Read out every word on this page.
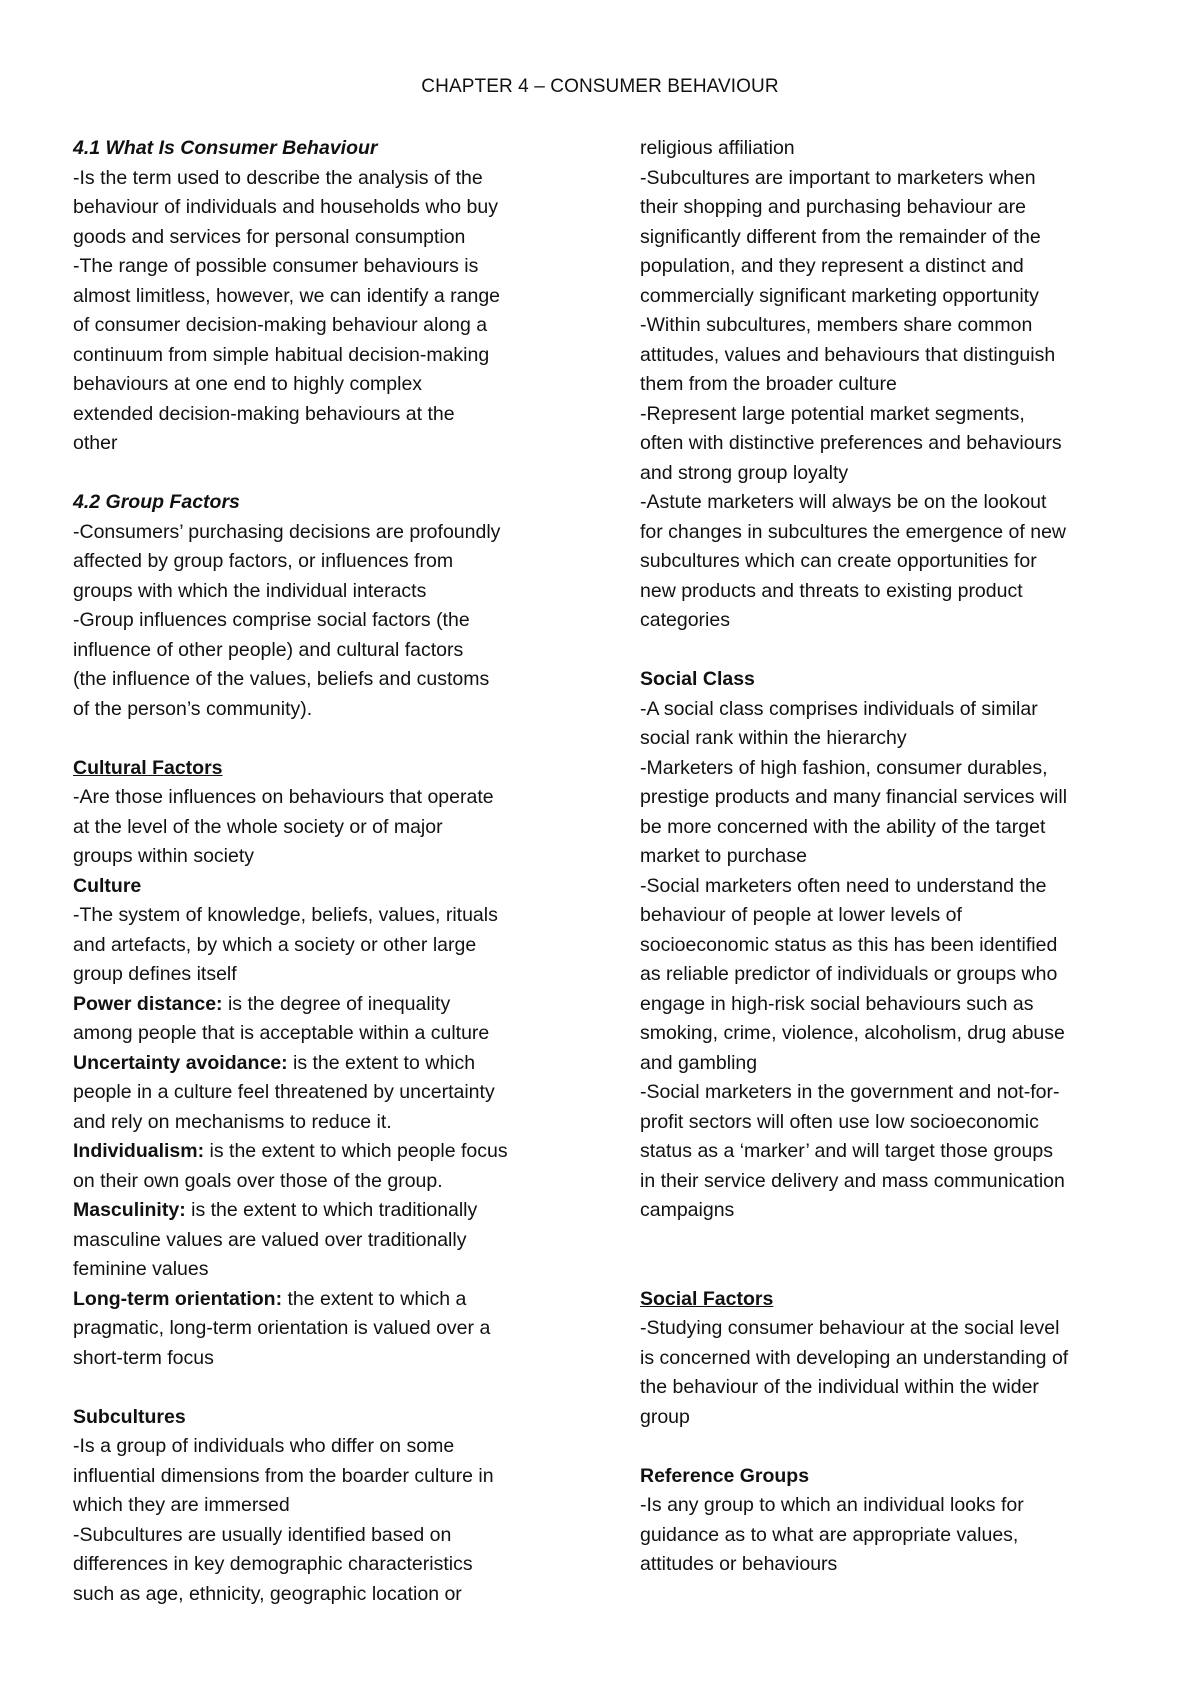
CHAPTER 4 – CONSUMER BEHAVIOUR
4.1 What Is Consumer Behaviour
-Is the term used to describe the analysis of the
behaviour of individuals and households who buy
goods and services for personal consumption
-The range of possible consumer behaviours is
almost limitless, however, we can identify a range
of consumer decision-making behaviour along a
continuum from simple habitual decision-making
behaviours at one end to highly complex
extended decision-making behaviours at the
other
4.2 Group Factors
-Consumers’ purchasing decisions are profoundly
affected by group factors, or influences from
groups with which the individual interacts
-Group influences comprise social factors (the
influence of other people) and cultural factors
(the influence of the values, beliefs and customs
of the person’s community).
Cultural Factors
-Are those influences on behaviours that operate
at the level of the whole society or of major
groups within society
Culture
-The system of knowledge, beliefs, values, rituals
and artefacts, by which a society or other large
group defines itself
Power distance: is the degree of inequality
among people that is acceptable within a culture
Uncertainty avoidance: is the extent to which
people in a culture feel threatened by uncertainty
and rely on mechanisms to reduce it.
Individualism: is the extent to which people focus
on their own goals over those of the group.
Masculinity: is the extent to which traditionally
masculine values are valued over traditionally
feminine values
Long-term orientation: the extent to which a
pragmatic, long-term orientation is valued over a
short-term focus
Subcultures
-Is a group of individuals who differ on some
influential dimensions from the boarder culture in
which they are immersed
-Subcultures are usually identified based on
differences in key demographic characteristics
such as age, ethnicity, geographic location or
religious affiliation
-Subcultures are important to marketers when
their shopping and purchasing behaviour are
significantly different from the remainder of the
population, and they represent a distinct and
commercially significant marketing opportunity
-Within subcultures, members share common
attitudes, values and behaviours that distinguish
them from the broader culture
-Represent large potential market segments,
often with distinctive preferences and behaviours
and strong group loyalty
-Astute marketers will always be on the lookout
for changes in subcultures the emergence of new
subcultures which can create opportunities for
new products and threats to existing product
categories
Social Class
-A social class comprises individuals of similar
social rank within the hierarchy
-Marketers of high fashion, consumer durables,
prestige products and many financial services will
be more concerned with the ability of the target
market to purchase
-Social marketers often need to understand the
behaviour of people at lower levels of
socioeconomic status as this has been identified
as reliable predictor of individuals or groups who
engage in high-risk social behaviours such as
smoking, crime, violence, alcoholism, drug abuse
and gambling
-Social marketers in the government and not-for-
profit sectors will often use low socioeconomic
status as a ‘marker’ and will target those groups
in their service delivery and mass communication
campaigns
Social Factors
-Studying consumer behaviour at the social level
is concerned with developing an understanding of
the behaviour of the individual within the wider
group
Reference Groups
-Is any group to which an individual looks for
guidance as to what are appropriate values,
attitudes or behaviours
